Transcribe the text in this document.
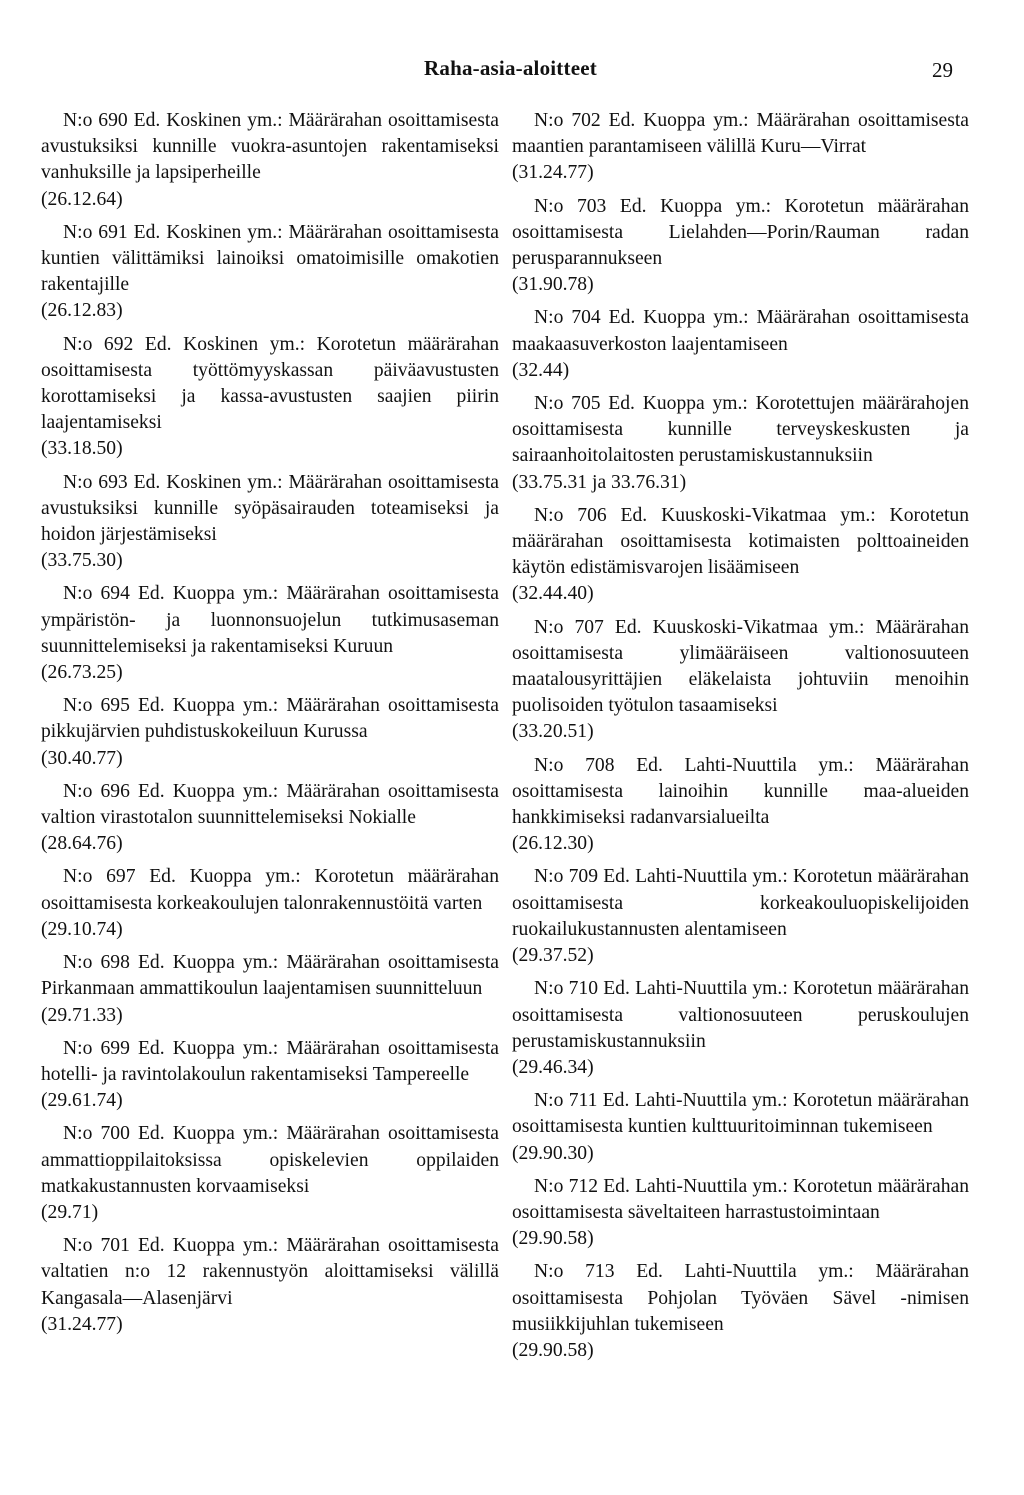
Raha-asia-aloitteet	29

N:o 690 Ed. Koskinen ym.: Määrärahan osoittamisesta avustuksiksi kunnille vuokra-asuntojen rakentamiseksi vanhuksille ja lapsiperheille

(26.12.64)

N:o 691 Ed. Koskinen ym.: Määrärahan osoittamisesta kuntien välittämiksi lainoiksi omatoimisille omakotien rakentajille

(26.12.83)

N:o 692 Ed. Koskinen ym.: Korotetun määrärahan osoittamisesta työttömyyskassan päiväavustusten korottamiseksi ja kassa-avustusten saajien piirin laajentamiseksi

(33.18.50)

N:o 693 Ed. Koskinen ym.: Määrärahan osoittamisesta avustuksiksi kunnille syöpäsairauden toteamiseksi ja hoidon järjestämiseksi

(33.75.30)

N:o 694 Ed. Kuoppa ym.: Määrärahan osoittamisesta ympäristön- ja luonnonsuojelun tutkimusaseman suunnittelemiseksi ja rakentamiseksi Kuruun

(26.73.25)

N:o 695 Ed. Kuoppa ym.: Määrärahan osoittamisesta pikkujärvien puhdistuskokeiluun Kurussa

(30.40.77)

N:o 696 Ed. Kuoppa ym.: Määrärahan osoittamisesta valtion virastotalon suunnittelemiseksi Nokialle

(28.64.76)

N:o 697 Ed. Kuoppa ym.: Korotetun määrärahan osoittamisesta korkeakoulujen talonrakennustöitä varten

(29.10.74)

N:o 698 Ed. Kuoppa ym.: Määrärahan osoittamisesta Pirkanmaan ammattikoulun laajentamisen suunnitteluun

(29.71.33)

N:o 699 Ed. Kuoppa ym.: Määrärahan osoittamisesta hotelli- ja ravintolakoulun rakentamiseksi Tampereelle

(29.61.74)

N:o 700 Ed. Kuoppa ym.: Määrärahan osoittamisesta ammattioppilaitoksissa opiskelevien oppilaiden matkakustannusten korvaamiseksi

(29.71)

N:o 701 Ed. Kuoppa ym.: Määrärahan osoittamisesta valtatien n:o 12 rakennustyön aloittamiseksi välillä Kangasala—Alasenjärvi

(31.24.77)

N:o 702 Ed. Kuoppa ym.: Määrärahan osoittamisesta maantien parantamiseen välillä Kuru—Virrat

(31.24.77)

N:o 703 Ed. Kuoppa ym.: Korotetun määrärahan osoittamisesta Lielahden—Porin/Rauman radan perusparannukseen

(31.90.78)

N:o 704 Ed. Kuoppa ym.: Määrärahan osoittamisesta maakaasuverkoston laajentamiseen

(32.44)

N:o 705 Ed. Kuoppa ym.: Korotettujen määrärahojen osoittamisesta kunnille terveyskeskusten ja sairaanhoitolaitosten perustamiskustannuksiin

(33.75.31 ja 33.76.31)

N:o 706 Ed. Kuuskoski-Vikatmaa ym.: Korotetun määrärahan osoittamisesta kotimaisten polttoaineiden käytön edistämisvarojen lisäämiseen

(32.44.40)

N:o 707 Ed. Kuuskoski-Vikatmaa ym.: Määrärahan osoittamisesta ylimääräiseen valtionosuuteen maatalousyrittäjien eläkelaista johtuviin menoihin puolisoiden työtulon tasaamiseksi

(33.20.51)

N:o 708 Ed. Lahti-Nuuttila ym.: Määrärahan osoittamisesta lainoihin kunnille maa-alueiden hankkimiseksi radanvarsialueilta

(26.12.30)

N:o 709 Ed. Lahti-Nuuttila ym.: Korotetun määrärahan osoittamisesta korkeakouluopiskelijoiden ruokailukustannusten alentamiseen

(29.37.52)

N:o 710 Ed. Lahti-Nuuttila ym.: Korotetun määrärahan osoittamisesta valtionosuuteen peruskoulujen perustamiskustannuksiin

(29.46.34)

N:o 711 Ed. Lahti-Nuuttila ym.: Korotetun määrärahan osoittamisesta kuntien kulttuuritoiminnan tukemiseen

(29.90.30)

N:o 712 Ed. Lahti-Nuuttila ym.: Korotetun määrärahan osoittamisesta säveltaiteen harrastustoimintaan

(29.90.58)

N:o 713 Ed. Lahti-Nuuttila ym.: Määrärahan osoittamisesta Pohjolan Työväen Sävel -nimisen musiikkijuhlan tukemiseen

(29.90.58)
